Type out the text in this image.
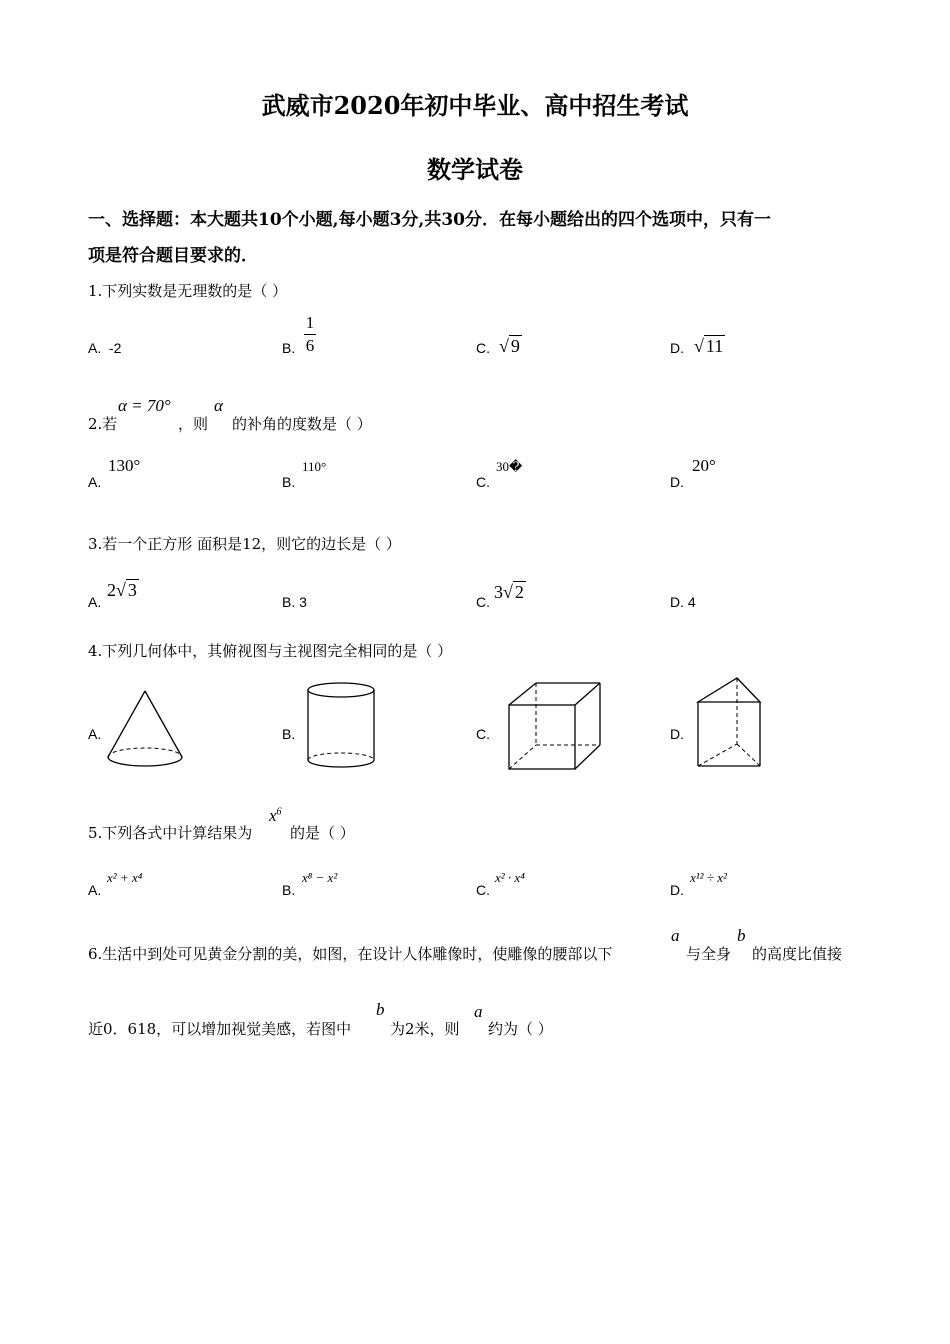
武威市2020年初中毕业、高中招生考试
数学试卷
一、选择题：本大题共10个小题,每小题3分,共30分．在每小题给出的四个选项中，只有一
项是符合题目要求的．
1.下列实数是无理数的是（ ）
A. -2	B. $\frac{1}{6}$	C. √ 9	D. √ 11
2.若
α = 70°
，则
α
的补角的度数是（ ）
A.
130°
B.
110°
C.
30�
D.
20°
3.若一个正方形 面积是12，则它的边长是（ ）
A.
2√ 3
B. 3	C. 3√ 2	D. 4
4.下列几何体中，其俯视图与主视图完全相同的是（ ）
A.	B.	C.	D.
5.下列各式中计算结果为
$x^6$
的是（ ）
A.
x² + x⁴
B.
x⁸ − x²
C.
x² · x⁴
D.
x¹² ÷ x²
6.生活中到处可见黄金分割的美，如图，在设计人体雕像时，使雕像的腰部以下
a
与全身
b
的高度比值接
近0．618，可以增加视觉美感，若图中
b
为2米，则
a
约为（ ）
